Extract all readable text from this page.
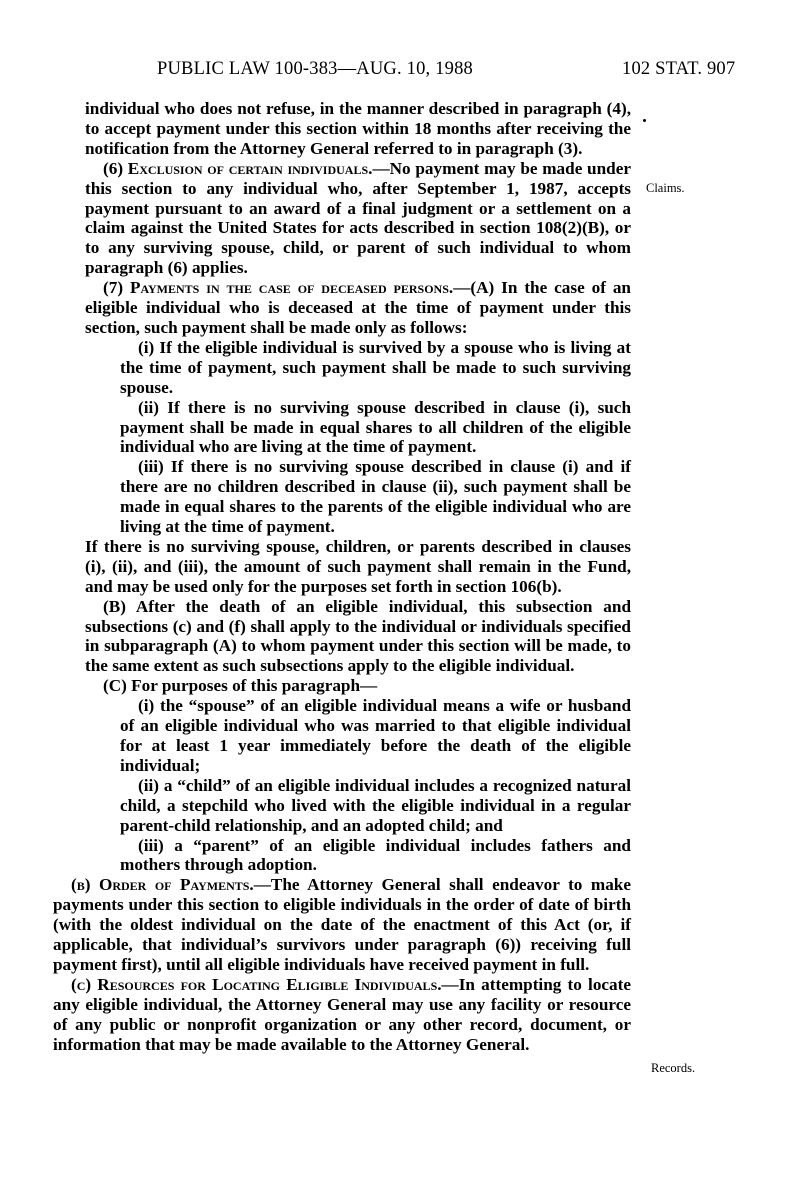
PUBLIC LAW 100-383—AUG. 10, 1988	102 STAT. 907
Claims.
Records.

individual who does not refuse, in the manner described in paragraph (4), to accept payment under this section within 18 months after receiving the notification from the Attorney General referred to in paragraph (3).

(6) Exclusion of certain individuals.—No payment may be made under this section to any individual who, after September 1, 1987, accepts payment pursuant to an award of a final judgment or a settlement on a claim against the United States for acts described in section 108(2)(B), or to any surviving spouse, child, or parent of such individual to whom paragraph (6) applies.

(7) Payments in the case of deceased persons.—(A) In the case of an eligible individual who is deceased at the time of payment under this section, such payment shall be made only as follows:

(i) If the eligible individual is survived by a spouse who is living at the time of payment, such payment shall be made to such surviving spouse.

(ii) If there is no surviving spouse described in clause (i), such payment shall be made in equal shares to all children of the eligible individual who are living at the time of payment.

(iii) If there is no surviving spouse described in clause (i) and if there are no children described in clause (ii), such payment shall be made in equal shares to the parents of the eligible individual who are living at the time of payment.

If there is no surviving spouse, children, or parents described in clauses (i), (ii), and (iii), the amount of such payment shall remain in the Fund, and may be used only for the purposes set forth in section 106(b).

(B) After the death of an eligible individual, this subsection and subsections (c) and (f) shall apply to the individual or individuals specified in subparagraph (A) to whom payment under this section will be made, to the same extent as such subsections apply to the eligible individual.

(C) For purposes of this paragraph—

(i) the “spouse” of an eligible individual means a wife or husband of an eligible individual who was married to that eligible individual for at least 1 year immediately before the death of the eligible individual;

(ii) a “child” of an eligible individual includes a recognized natural child, a stepchild who lived with the eligible individual in a regular parent-child relationship, and an adopted child; and

(iii) a “parent” of an eligible individual includes fathers and mothers through adoption.

(b) Order of Payments.—The Attorney General shall endeavor to make payments under this section to eligible individuals in the order of date of birth (with the oldest individual on the date of the enactment of this Act (or, if applicable, that individual’s survivors under paragraph (6)) receiving full payment first), until all eligible individuals have received payment in full.

(c) Resources for Locating Eligible Individuals.—In attempting to locate any eligible individual, the Attorney General may use any facility or resource of any public or nonprofit organization or any other record, document, or information that may be made available to the Attorney General.
